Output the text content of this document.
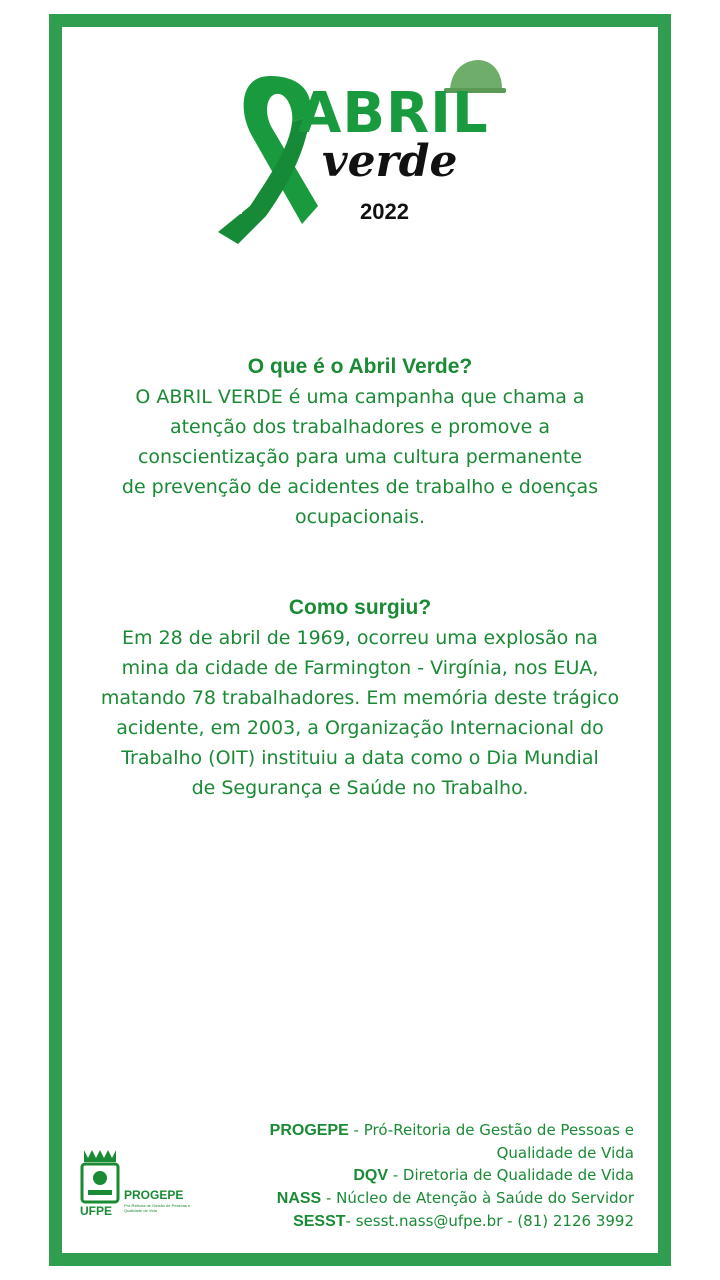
ABRIL
verde
2022
O que é o Abril Verde?

O ABRIL VERDE é uma campanha que chama a

atenção dos trabalhadores e promove a

conscientização para uma cultura permanente

de prevenção de acidentes de trabalho e doenças

ocupacionais.

Como surgiu?

Em 28 de abril de 1969, ocorreu uma explosão na

mina da cidade de Farmington - Virgínia, nos EUA,

matando 78 trabalhadores. Em memória deste trágico

acidente, em 2003, a Organização Internacional do

Trabalho (OIT) instituiu a data como o Dia Mundial

de Segurança e Saúde no Trabalho.

UFPE
PROGEPE
Pró-Reitoria de Gestão de Pessoas e Qualidade de Vida
PROGEPE - Pró-Reitoria de Gestão de Pessoas e
Qualidade de Vida
DQV - Diretoria de Qualidade de Vida
NASS - Núcleo de Atenção à Saúde do Servidor
SESST- sesst.nass@ufpe.br - (81) 2126 3992
